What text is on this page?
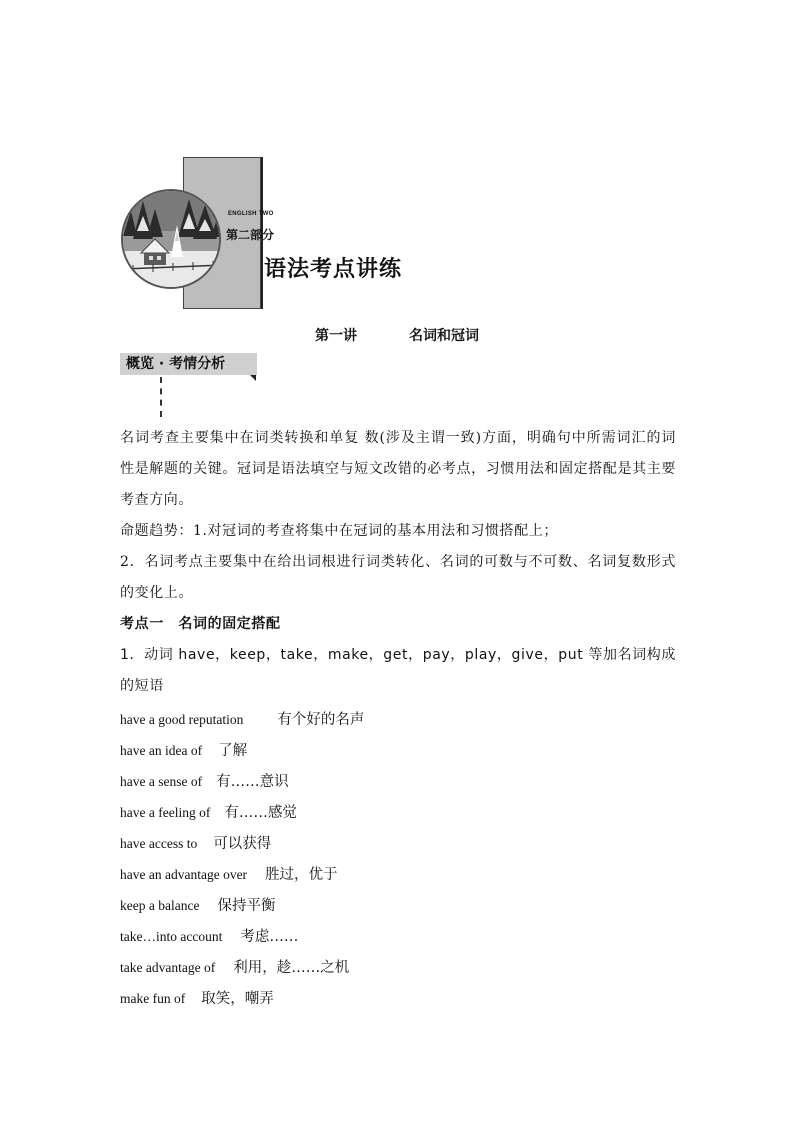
ENGLISH TWO
第二部分
语法考点讲练
第一讲	名词和冠词
概览 · 考情分析

名词考查主要集中在词类转换和单复 数(涉及主谓一致)方面，明确句中所需词汇的词性是解题的关键。冠词是语法填空与短文改错的必考点，习惯用法和固定搭配是其主要考查方向。

命题趋势：1.对冠词的考查将集中在冠词的基本用法和习惯搭配上；

2．名词考点主要集中在给出词根进行词类转化、名词的可数与不可数、名词复数形式的变化上。

考点一　名词的固定搭配

1．动词 have，keep，take，make，get，pay，play，give，put 等加名词构成的短语

have a good reputation 有个好的名声
have an idea of 了解
have a sense of 有……意识
have a feeling of 有……感觉
have access to 可以获得
have an advantage over 胜过，优于
keep a balance 保持平衡
take…into account 考虑……
take advantage of 利用，趁……之机
make fun of 取笑，嘲弄
